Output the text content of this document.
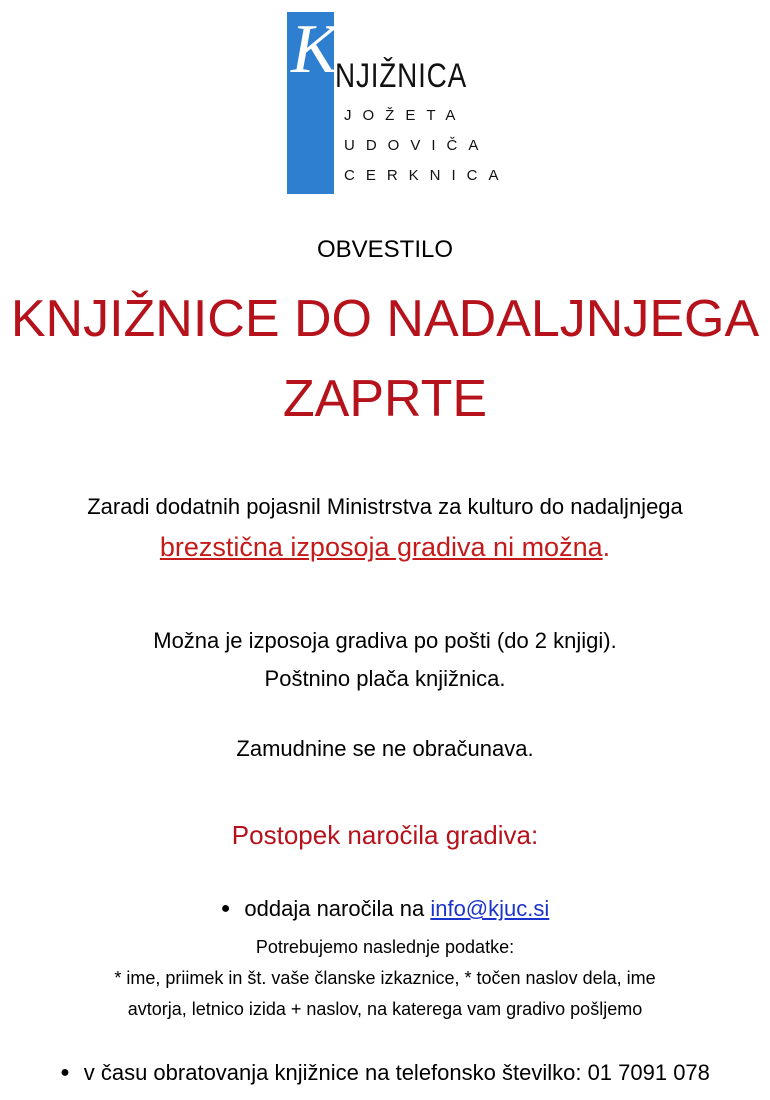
K
NJIŽNICA
JOŽETA
UDOVIČA
CERKNICA
OBVESTILO
KNJIŽNICE DO NADALJNJEGA
ZAPRTE
Zaradi dodatnih pojasnil Ministrstva za kulturo do nadaljnjega
brezstična izposoja gradiva ni možna.
Možna je izposoja gradiva po pošti (do 2 knjigi).
Poštnino plača knjižnica.
Zamudnine se ne obračunava.
Postopek naročila gradiva:
● oddaja naročila na info@kjuc.si
Potrebujemo naslednje podatke:
* ime, priimek in št. vaše članske izkaznice, * točen naslov dela, ime
avtorja, letnico izida + naslov, na katerega vam gradivo pošljemo
● v času obratovanja knjižnice na telefonsko številko: 01 7091 078
